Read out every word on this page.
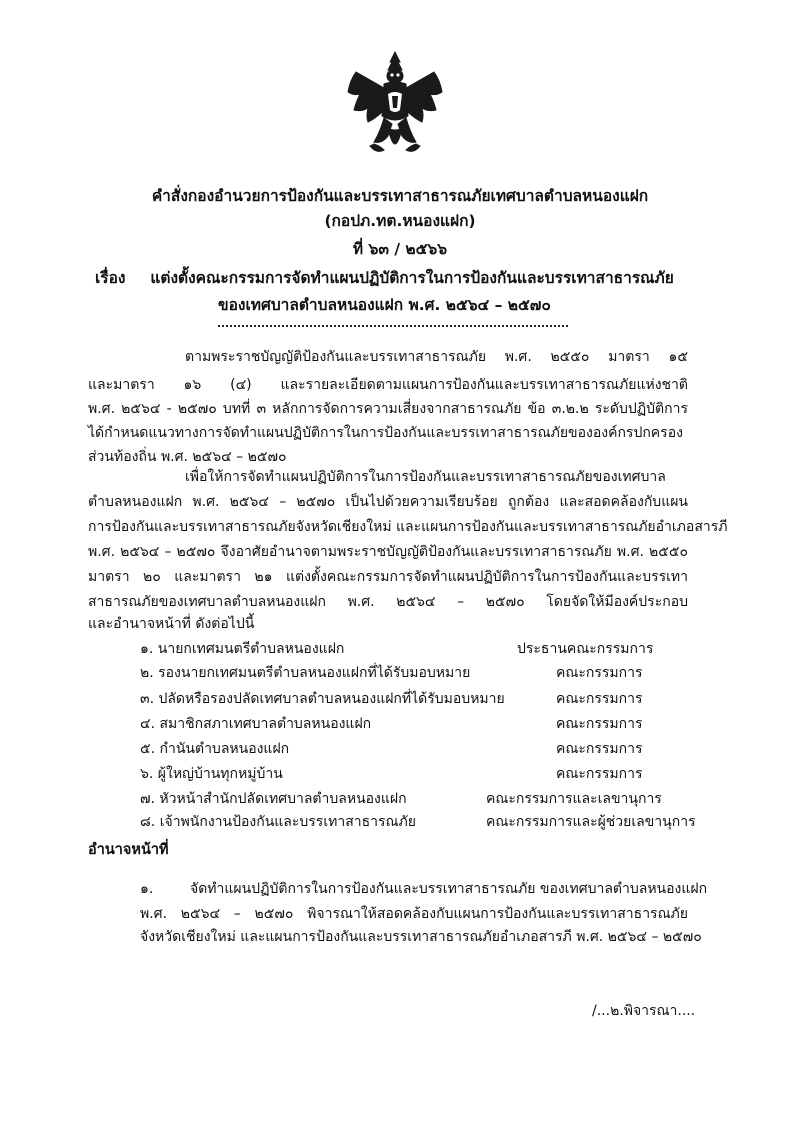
คำสั่งกองอำนวยการป้องกันและบรรเทาสาธารณภัยเทศบาลตำบลหนองแฝก
(กอปภ.ทต.หนองแฝก)
ที่ ๖๓ / ๒๕๖๖
เรื่อง แต่งตั้งคณะกรรมการจัดทำแผนปฏิบัติการในการป้องกันและบรรเทาสาธารณภัย
ของเทศบาลตำบลหนองแฝก พ.ศ. ๒๕๖๔ – ๒๕๗๐
ตามพระราชบัญญัติป้องกันและบรรเทาสาธารณภัย พ.ศ. ๒๕๕๐ มาตรา ๑๕
และมาตรา ๑๖ (๔) และรายละเอียดตามแผนการป้องกันและบรรเทาสาธารณภัยแห่งชาติ
พ.ศ. ๒๕๖๔ - ๒๕๗๐ บทที่ ๓ หลักการจัดการความเสี่ยงจากสาธารณภัย ข้อ ๓.๒.๒ ระดับปฏิบัติการ
ได้กำหนดแนวทางการจัดทำแผนปฏิบัติการในการป้องกันและบรรเทาสาธารณภัยขององค์กรปกครอง
ส่วนท้องถิ่น พ.ศ. ๒๕๖๔ – ๒๕๗๐
เพื่อให้การจัดทำแผนปฏิบัติการในการป้องกันและบรรเทาสาธารณภัยของเทศบาล
ตำบลหนองแฝก พ.ศ. ๒๕๖๔ – ๒๕๗๐ เป็นไปด้วยความเรียบร้อย ถูกต้อง และสอดคล้องกับแผน
การป้องกันและบรรเทาสาธารณภัยจังหวัดเชียงใหม่ และแผนการป้องกันและบรรเทาสาธารณภัยอำเภอสารภี
พ.ศ. ๒๕๖๔ – ๒๕๗๐ จึงอาศัยอำนาจตามพระราชบัญญัติป้องกันและบรรเทาสาธารณภัย พ.ศ. ๒๕๕๐
มาตรา ๒๐ และมาตรา ๒๑ แต่งตั้งคณะกรรมการจัดทำแผนปฏิบัติการในการป้องกันและบรรเทา
สาธารณภัยของเทศบาลตำบลหนองแฝก พ.ศ. ๒๕๖๔ – ๒๕๗๐ โดยจัดให้มีองค์ประกอบ
และอำนาจหน้าที่ ดังต่อไปนี้
๑. นายกเทศมนตรีตำบลหนองแฝก	ประธานคณะกรรมการ
๒. รองนายกเทศมนตรีตำบลหนองแฝกที่ได้รับมอบหมาย	คณะกรรมการ
๓. ปลัดหรือรองปลัดเทศบาลตำบลหนองแฝกที่ได้รับมอบหมาย	คณะกรรมการ
๔. สมาชิกสภาเทศบาลตำบลหนองแฝก	คณะกรรมการ
๕. กำนันตำบลหนองแฝก	คณะกรรมการ
๖. ผู้ใหญ่บ้านทุกหมู่บ้าน	คณะกรรมการ
๗. หัวหน้าสำนักปลัดเทศบาลตำบลหนองแฝก	คณะกรรมการและเลขานุการ
๘. เจ้าพนักงานป้องกันและบรรเทาสาธารณภัย	คณะกรรมการและผู้ช่วยเลขานุการ
อำนาจหน้าที่
๑.	จัดทำแผนปฏิบัติการในการป้องกันและบรรเทาสาธารณภัย ของเทศบาลตำบลหนองแฝก
พ.ศ. ๒๕๖๔ – ๒๕๗๐ พิจารณาให้สอดคล้องกับแผนการป้องกันและบรรเทาสาธารณภัย
จังหวัดเชียงใหม่ และแผนการป้องกันและบรรเทาสาธารณภัยอำเภอสารภี พ.ศ. ๒๕๖๔ – ๒๕๗๐
/...๒.พิจารณา....
